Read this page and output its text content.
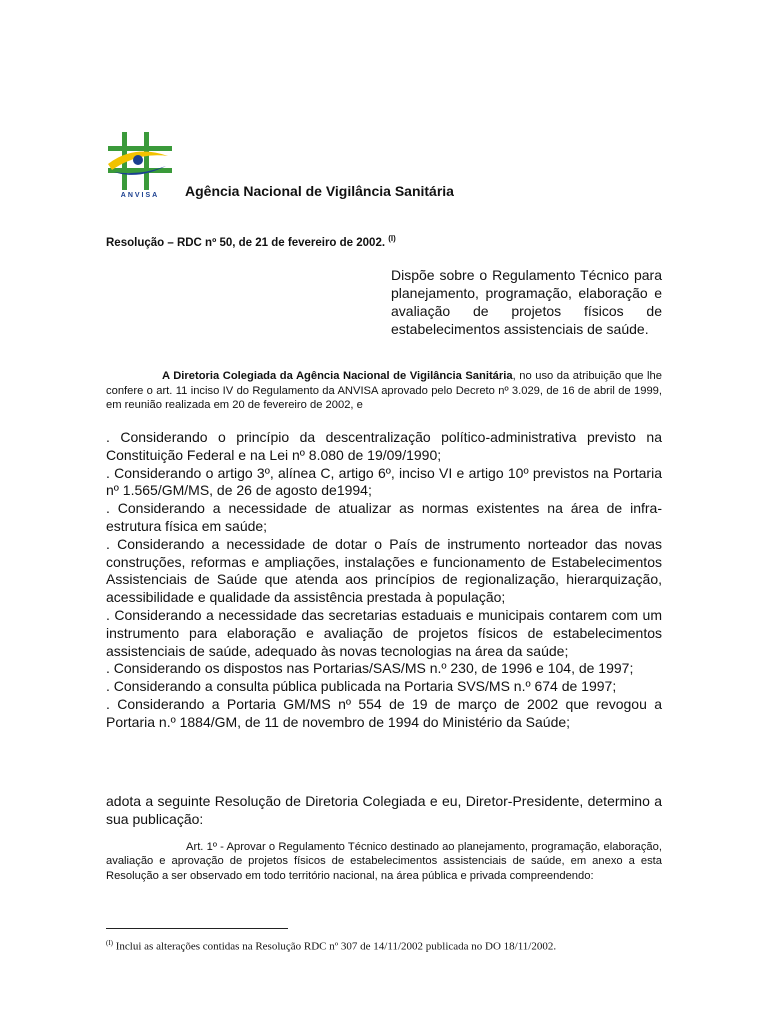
ANVISA	Agência Nacional de Vigilância Sanitária
Resolução – RDC nº 50, de 21 de fevereiro de 2002. $^{(I)}$
Dispõe sobre o Regulamento Técnico para planejamento, programação, elaboração e avaliação de projetos físicos de estabelecimentos assistenciais de saúde.
A Diretoria Colegiada da Agência Nacional de Vigilância Sanitária, no uso da atribuição que lhe confere o art. 11 inciso IV do Regulamento da ANVISA aprovado pelo Decreto nº 3.029, de 16 de abril de 1999, em reunião realizada em 20 de fevereiro de 2002, e

. Considerando o princípio da descentralização político-administrativa previsto na Constituição Federal e na Lei nº 8.080 de 19/09/1990;

. Considerando o artigo 3º, alínea C, artigo 6º, inciso VI e artigo 10º previstos na Portaria nº 1.565/GM/MS, de 26 de agosto de1994;

. Considerando a necessidade de atualizar as normas existentes na área de infra-estrutura física em saúde;

. Considerando a necessidade de dotar o País de instrumento norteador das novas construções, reformas e ampliações, instalações e funcionamento de Estabelecimentos Assistenciais de Saúde que atenda aos princípios de regionalização, hierarquização, acessibilidade e qualidade da assistência prestada à população;

. Considerando a necessidade das secretarias estaduais e municipais contarem com um instrumento para elaboração e avaliação de projetos físicos de estabelecimentos assistenciais de saúde, adequado às novas tecnologias na área da saúde;

. Considerando os dispostos nas Portarias/SAS/MS n.º 230, de 1996 e 104, de 1997;

. Considerando a consulta pública publicada na Portaria SVS/MS n.º 674 de 1997;

. Considerando a Portaria GM/MS nº 554 de 19 de março de 2002 que revogou a Portaria n.º 1884/GM, de 11 de novembro de 1994 do Ministério da Saúde;

adota a seguinte Resolução de Diretoria Colegiada e eu, Diretor-Presidente, determino a sua publicação:
Art. 1º - Aprovar o Regulamento Técnico destinado ao planejamento, programação, elaboração, avaliação e aprovação de projetos físicos de estabelecimentos assistenciais de saúde, em anexo a esta Resolução a ser observado em todo território nacional, na área pública e privada compreendendo:
$^{(I)}$ Inclui as alterações contidas na Resolução RDC nº 307 de 14/11/2002 publicada no DO 18/11/2002.
